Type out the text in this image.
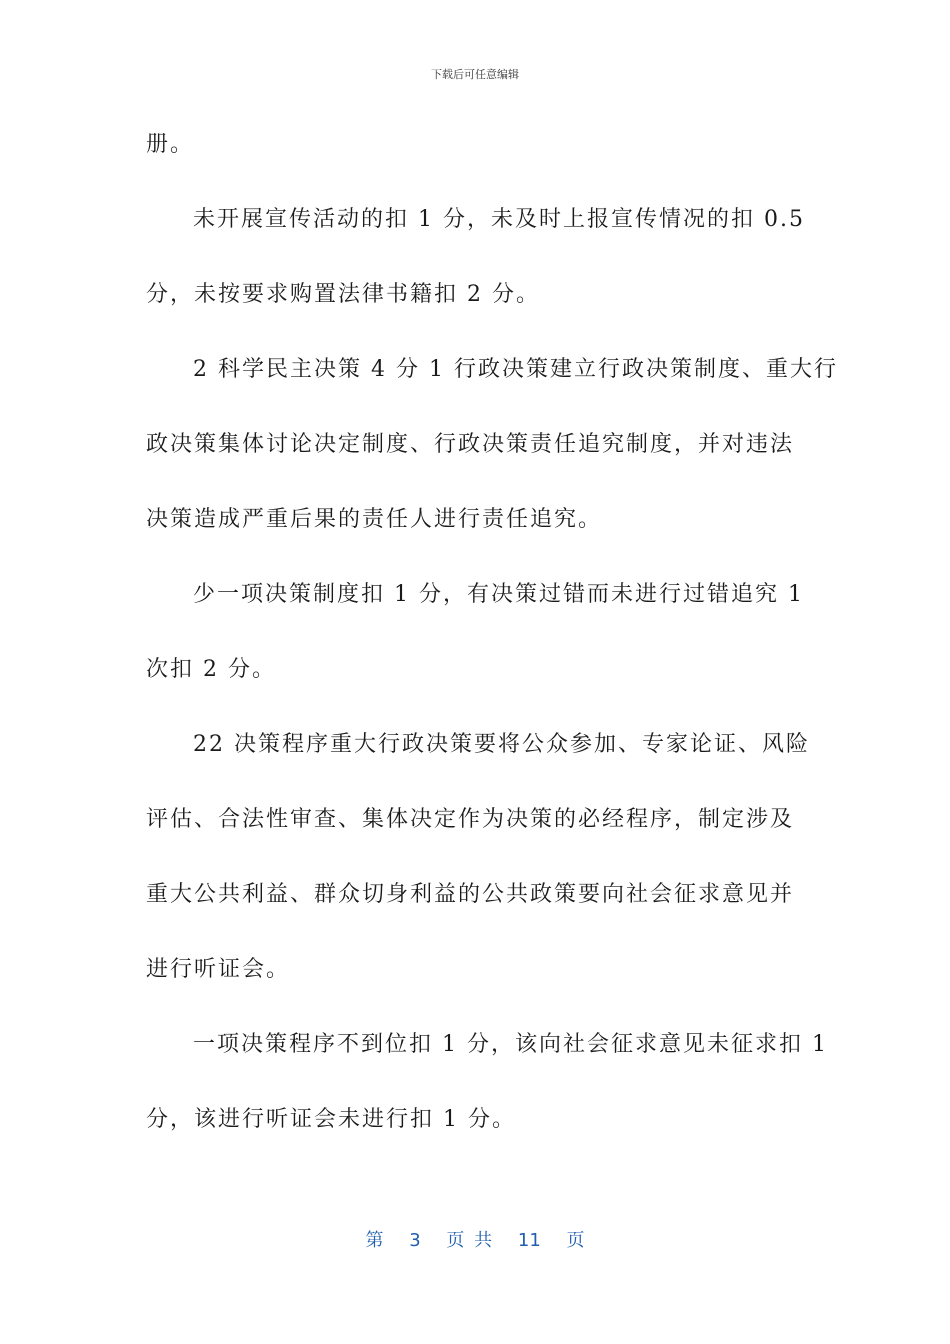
下载后可任意编辑
册。
未开展宣传活动的扣 1 分，未及时上报宣传情况的扣 0.5
分，未按要求购置法律书籍扣 2 分。
2 科学民主决策 4 分 1 行政决策建立行政决策制度、重大行
政决策集体讨论决定制度、行政决策责任追究制度，并对违法
决策造成严重后果的责任人进行责任追究。
少一项决策制度扣 1 分，有决策过错而未进行过错追究 1
次扣 2 分。
22 决策程序重大行政决策要将公众参加、专家论证、风险
评估、合法性审查、集体决定作为决策的必经程序，制定涉及
重大公共利益、群众切身利益的公共政策要向社会征求意见并
进行听证会。
一项决策程序不到位扣 1 分，该向社会征求意见未征求扣 1
分，该进行听证会未进行扣 1 分。
第 3 页 共 11 页
